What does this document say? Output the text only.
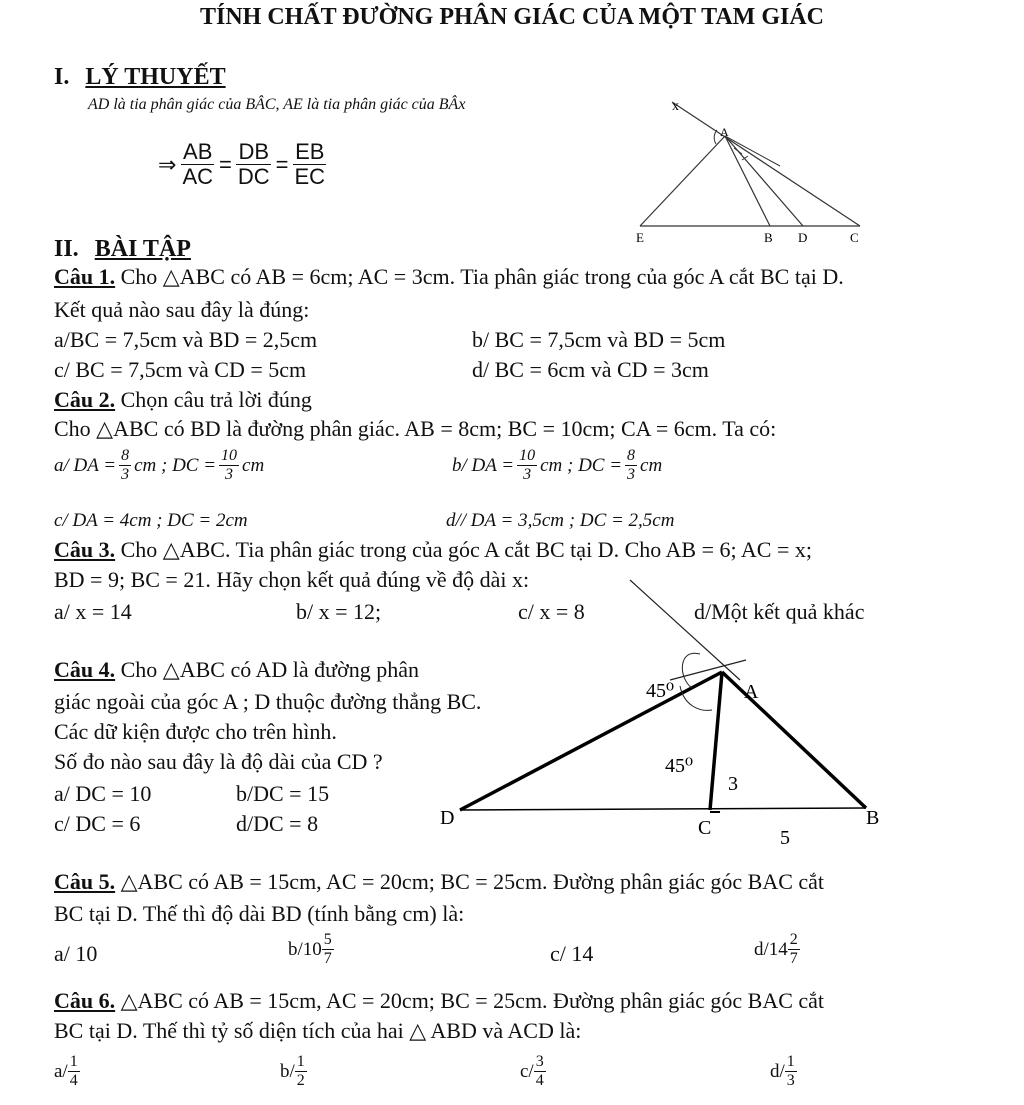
TÍNH CHẤT ĐƯỜNG PHÂN GIÁC CỦA MỘT TAM GIÁC
I. LÝ THUYẾT
AD là tia phân giác của BÂC, AE là tia phân giác của BÂx
⇒ $\frac{AB}{AC} = \frac{DB}{DC} = \frac{EB}{EC}$
x
A
E	B D	C
II. BÀI TẬP
Câu 1. Cho △ABC có AB = 6cm; AC = 3cm. Tia phân giác trong của góc A cắt BC tại D.
Kết quả nào sau đây là đúng:
a/BC = 7,5cm và BD = 2,5cm	b/ BC = 7,5cm và BD = 5cm
c/ BC = 7,5cm và CD = 5cm	d/ BC = 6cm và CD = 3cm
Câu 2. Chọn câu trả lời đúng
Cho △ABC có BD là đường phân giác. AB = 8cm; BC = 10cm; CA = 6cm. Ta có:
a/ DA = $\frac{8}{3}$ cm ; DC = $\frac{10}{3}$ cm	b/ DA = $\frac{10}{3}$ cm ; DC = $\frac{8}{3}$ cm
c/ DA = 4cm ; DC = 2cm	d// DA = 3,5cm ; DC = 2,5cm
Câu 3. Cho △ABC. Tia phân giác trong của góc A cắt BC tại D. Cho AB = 6; AC = x;
BD = 9; BC = 21. Hãy chọn kết quả đúng về độ dài x:
a/ x = 14	b/ x = 12;	c/ x = 8	d/Một kết quả khác
45⁰
45⁰
A
B
C
D
3
5
Câu 4. Cho △ABC có AD là đường phân
giác ngoài của góc A ; D thuộc đường thẳng BC.
Các dữ kiện được cho trên hình.
Số đo nào sau đây là độ dài của CD ?
a/ DC = 10	b/DC = 15
c/ DC = 6	d/DC = 8
Câu 5. △ABC có AB = 15cm, AC = 20cm; BC = 25cm. Đường phân giác góc BAC cắt
BC tại D. Thế thì độ dài BD (tính bằng cm) là:
a/ 10	$b/10 \frac{5}{7}$	c/ 14	$d/14 \frac{2}{7}$
Câu 6. △ABC có AB = 15cm, AC = 20cm; BC = 25cm. Đường phân giác góc BAC cắt
BC tại D. Thế thì tỷ số diện tích của hai △ ABD và ACD là:
$a/ \frac{1}{4}$	$b/ \frac{1}{2}$	$c/ \frac{3}{4}$	$d/ \frac{1}{3}$
